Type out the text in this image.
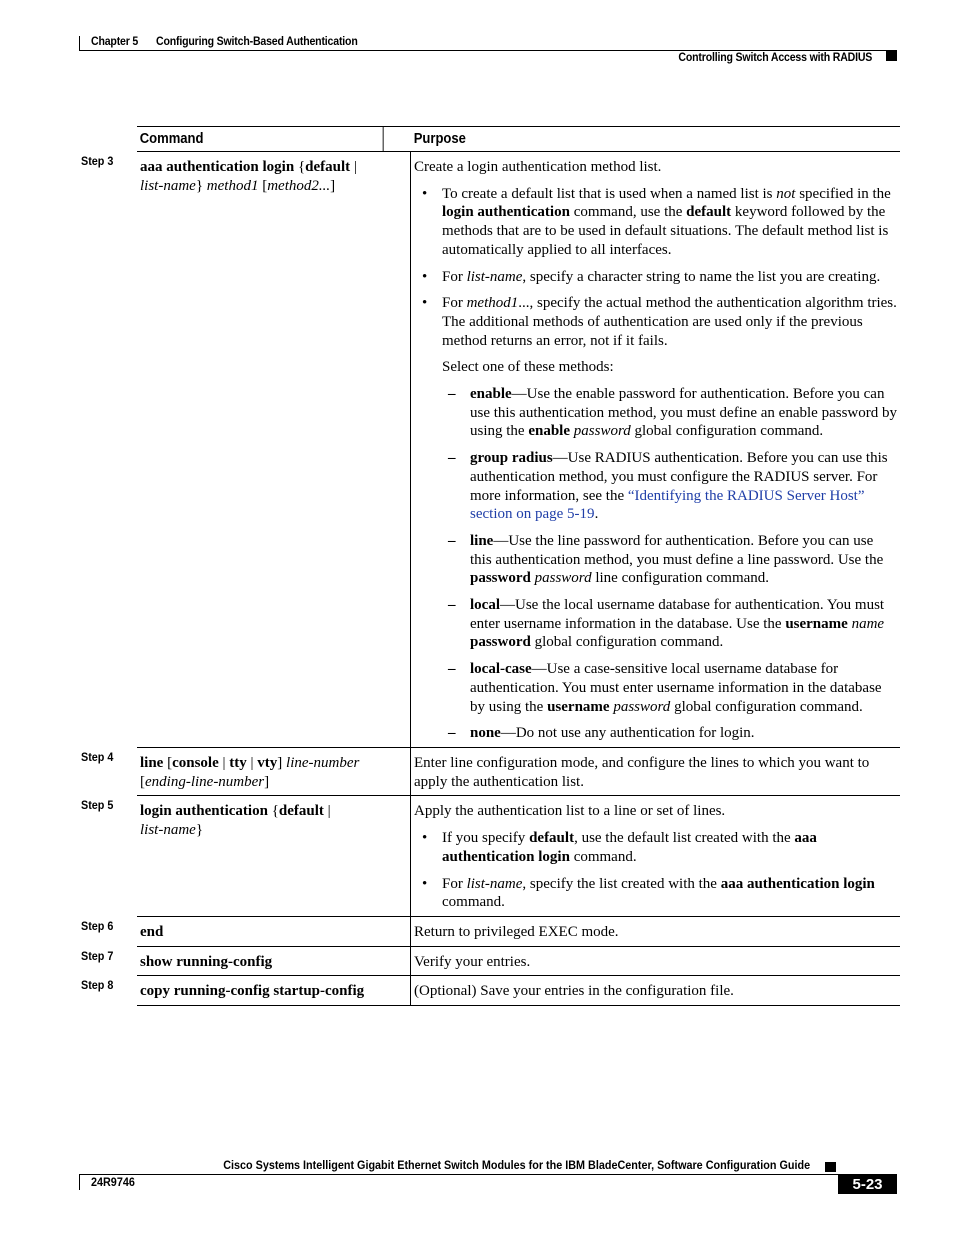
Chapter 5 Configuring Switch-Based Authentication
Controlling Switch Access with RADIUS
Command	Purpose
Step 3 aaa authentication login {default |
list-name} method1 [method2...]

Create a login authentication method list.

• To create a default list that is used when a named list is not specified in the login authentication command, use the default keyword followed by the methods that are to be used in default situations. The default method list is automatically applied to all interfaces.
• For list-name, specify a character string to name the list you are creating.
• For method1..., specify the actual method the authentication algorithm tries. The additional methods of authentication are used only if the previous method returns an error, not if it fails.

Select one of these methods:

– enable—Use the enable password for authentication. Before you can use this authentication method, you must define an enable password by using the enable password global configuration command.
– group radius—Use RADIUS authentication. Before you can use this authentication method, you must configure the RADIUS server. For more information, see the “Identifying the RADIUS Server Host” section on page 5-19.
– line—Use the line password for authentication. Before you can use this authentication method, you must define a line password. Use the password password line configuration command.
– local—Use the local username database for authentication. You must enter username information in the database. Use the username name password global configuration command.
– local-case—Use a case-sensitive local username database for authentication. You must enter username information in the database by using the username password global configuration command.
– none—Do not use any authentication for login.
Step 4 line [console | tty | vty] line-number
[ending-line-number]

Enter line configuration mode, and configure the lines to which you want to apply the authentication list.

Step 5 login authentication {default |
list-name}

Apply the authentication list to a line or set of lines.

• If you specify default, use the default list created with the aaa authentication login command.
• For list-name, specify the list created with the aaa authentication login command.
Step 6 end	Return to privileged EXEC mode.
Step 7 show running-config	Verify your entries.
Step 8 copy running-config startup-config	(Optional) Save your entries in the configuration file.
Cisco Systems Intelligent Gigabit Ethernet Switch Modules for the IBM BladeCenter, Software Configuration Guide
24R9746	5-23
